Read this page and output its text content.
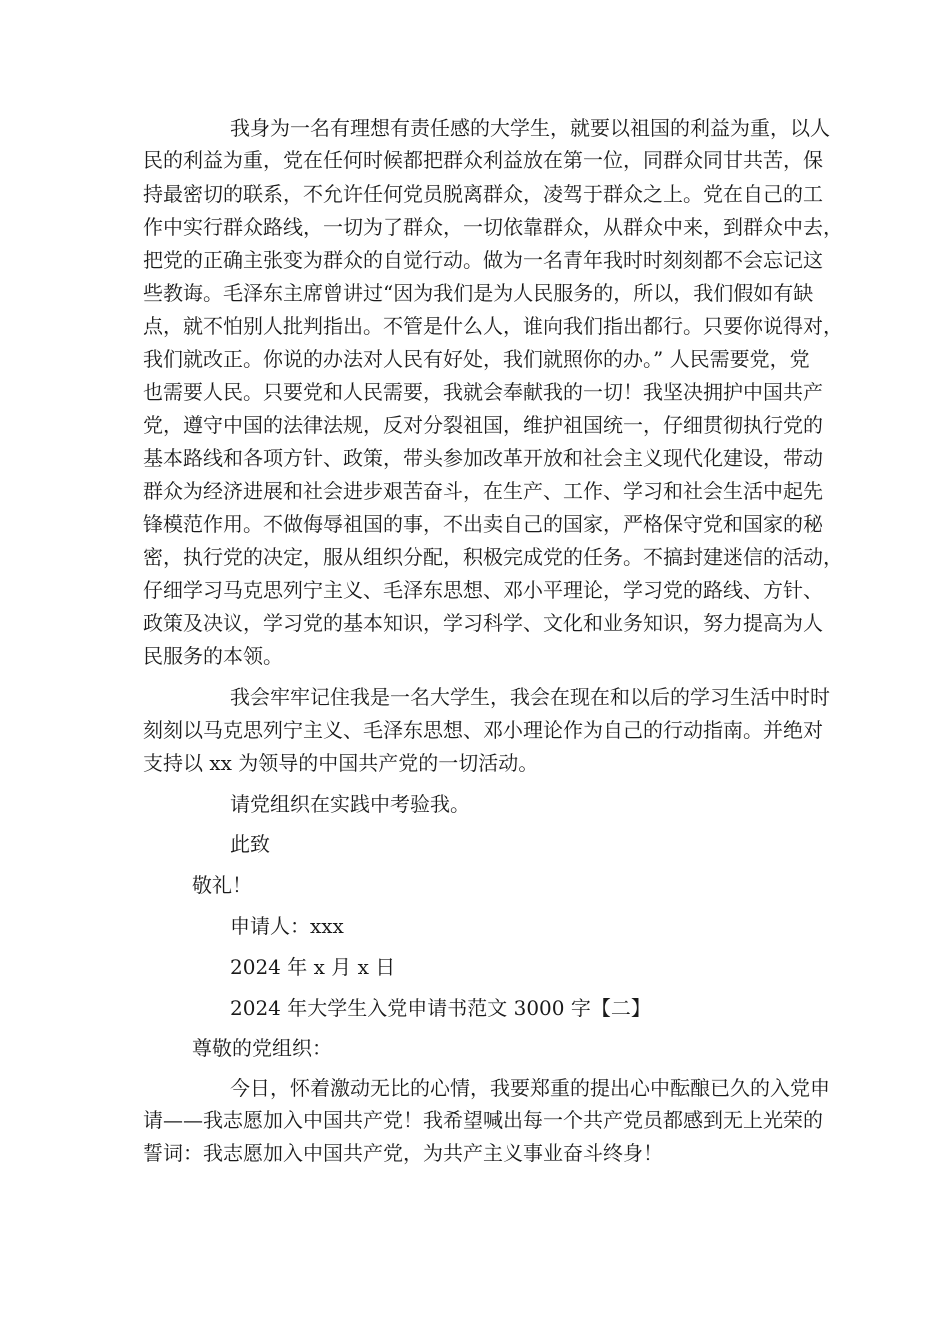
我身为一名有理想有责任感的大学生，就要以祖国的利益为重，以人
民的利益为重，党在任何时候都把群众利益放在第一位，同群众同甘共苦，保
持最密切的联系，不允许任何党员脱离群众，凌驾于群众之上。党在自己的工
作中实行群众路线，一切为了群众，一切依靠群众，从群众中来，到群众中去，
把党的正确主张变为群众的自觉行动。做为一名青年我时时刻刻都不会忘记这
些教诲。毛泽东主席曾讲过“因为我们是为人民服务的，所以，我们假如有缺
点，就不怕别人批判指出。不管是什么人，谁向我们指出都行。只要你说得对，
我们就改正。你说的办法对人民有好处，我们就照你的办。” 人民需要党，党
也需要人民。只要党和人民需要，我就会奉献我的一切！我坚决拥护中国共产
党，遵守中国的法律法规，反对分裂祖国，维护祖国统一，仔细贯彻执行党的
基本路线和各项方针、政策，带头参加改革开放和社会主义现代化建设，带动
群众为经济进展和社会进步艰苦奋斗，在生产、工作、学习和社会生活中起先
锋模范作用。不做侮辱祖国的事，不出卖自己的国家，严格保守党和国家的秘
密，执行党的决定，服从组织分配，积极完成党的任务。不搞封建迷信的活动，
仔细学习马克思列宁主义、毛泽东思想、邓小平理论，学习党的路线、方针、
政策及决议，学习党的基本知识，学习科学、文化和业务知识，努力提高为人
民服务的本领。
我会牢牢记住我是一名大学生，我会在现在和以后的学习生活中时时
刻刻以马克思列宁主义、毛泽东思想、邓小理论作为自己的行动指南。并绝对
支持以 xx 为领导的中国共产党的一切活动。
请党组织在实践中考验我。
此致
敬礼！
申请人：xxx
2024 年 x 月 x 日
2024 年大学生入党申请书范文 3000 字【二】
尊敬的党组织：
今日，怀着激动无比的心情，我要郑重的提出心中酝酿已久的入党申
请——我志愿加入中国共产党！我希望喊出每一个共产党员都感到无上光荣的
誓词：我志愿加入中国共产党，为共产主义事业奋斗终身！
